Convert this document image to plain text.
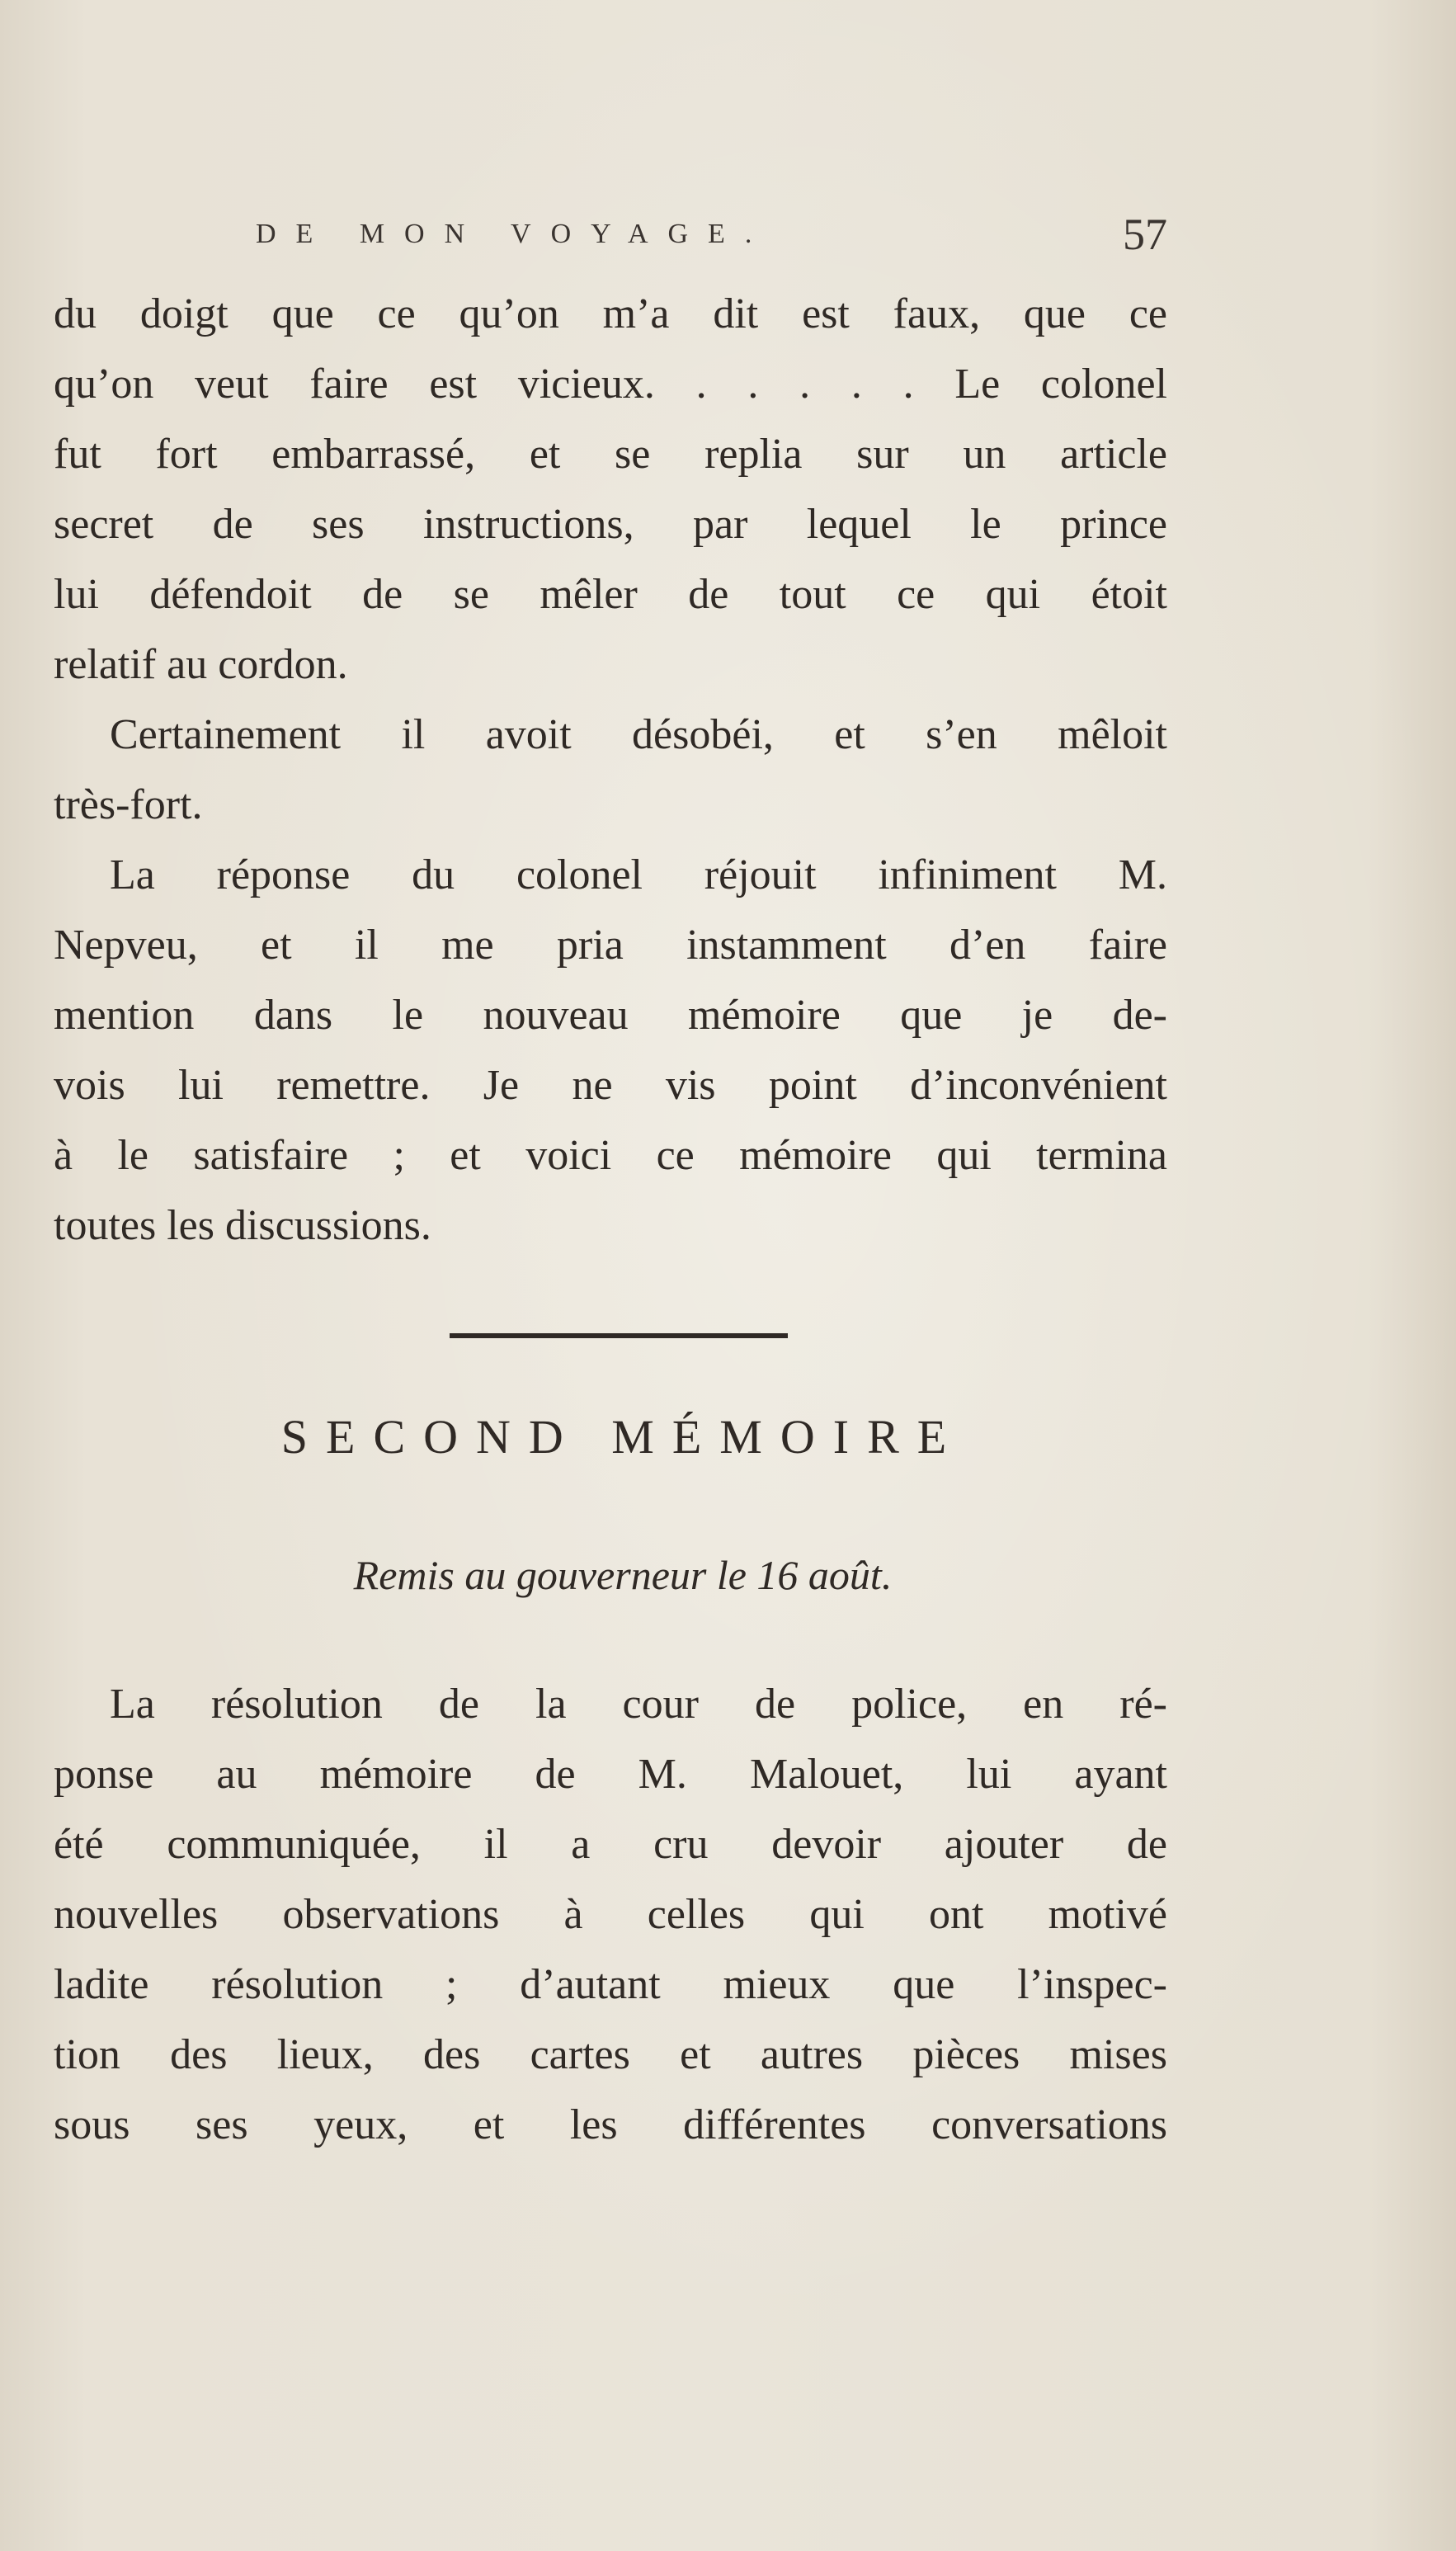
DE MON VOYAGE.	57

du doigt que ce qu’on m’a dit est faux, que ce
qu’on veut faire est vicieux. . . . . . Le colonel
fut fort embarrassé, et se replia sur un article
secret de ses instructions, par lequel le prince
lui défendoit de se mêler de tout ce qui étoit
relatif au cordon.

Certainement il avoit désobéi, et s’en mêloit
très-fort.

La réponse du colonel réjouit infiniment M.
Nepveu, et il me pria instamment d’en faire
mention dans le nouveau mémoire que je de-
vois lui remettre. Je ne vis point d’inconvénient
à le satisfaire ; et voici ce mémoire qui termina
toutes les discussions.

SECOND MÉMOIRE
Remis au gouverneur le 16 août.

La résolution de la cour de police, en ré-
ponse au mémoire de M. Malouet, lui ayant
été communiquée, il a cru devoir ajouter de
nouvelles observations à celles qui ont motivé
ladite résolution ; d’autant mieux que l’inspec-
tion des lieux, des cartes et autres pièces mises
sous ses yeux, et les différentes conversations
